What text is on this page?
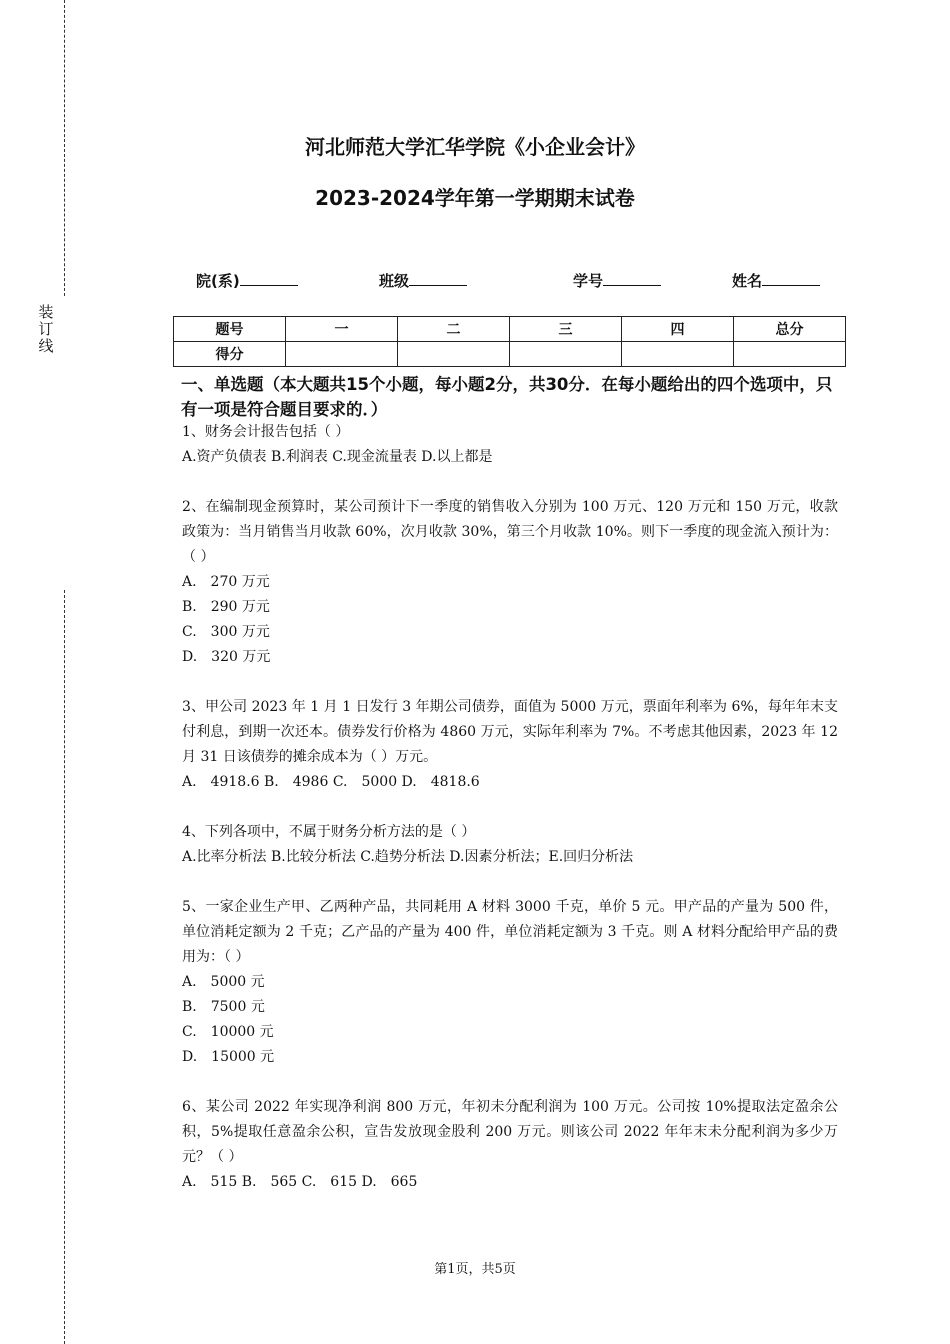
装
订
线
河北师范大学汇华学院《小企业会计》
2023-2024学年第一学期期末试卷
院(系)	班级	学号	姓名
题号	一	二	三	四	总分
得分					
一、单选题（本大题共15个小题，每小题2分，共30分．在每小题给出的四个选项中，只有一项是符合题目要求的．）

1、财务会计报告包括（ ）

A.资产负债表 B.利润表 C.现金流量表 D.以上都是

2、在编制现金预算时，某公司预计下一季度的销售收入分别为 100 万元、120 万元和 150 万元，收款政策为：当月销售当月收款 60%，次月收款 30%，第三个月收款 10%。则下一季度的现金流入预计为：（ ）

A.　270 万元

B.　290 万元

C.　300 万元

D.　320 万元

3、甲公司 2023 年 1 月 1 日发行 3 年期公司债券，面值为 5000 万元，票面年利率为 6%，每年年末支付利息，到期一次还本。债券发行价格为 4860 万元，实际年利率为 7%。不考虑其他因素，2023 年 12 月 31 日该债券的摊余成本为（ ）万元。

A.　4918.6 B.　4986 C.　5000 D.　4818.6

4、下列各项中，不属于财务分析方法的是（ ）

A.比率分析法 B.比较分析法 C.趋势分析法 D.因素分析法；E.回归分析法

5、一家企业生产甲、乙两种产品，共同耗用 A 材料 3000 千克，单价 5 元。甲产品的产量为 500 件，单位消耗定额为 2 千克；乙产品的产量为 400 件，单位消耗定额为 3 千克。则 A 材料分配给甲产品的费用为：（ ）

A.　5000 元

B.　7500 元

C.　10000 元

D.　15000 元

6、某公司 2022 年实现净利润 800 万元，年初未分配利润为 100 万元。公司按 10%提取法定盈余公积，5%提取任意盈余公积，宣告发放现金股利 200 万元。则该公司 2022 年年末未分配利润为多少万元？（ ）

A.　515 B.　565 C.　615 D.　665

第1页，共5页
